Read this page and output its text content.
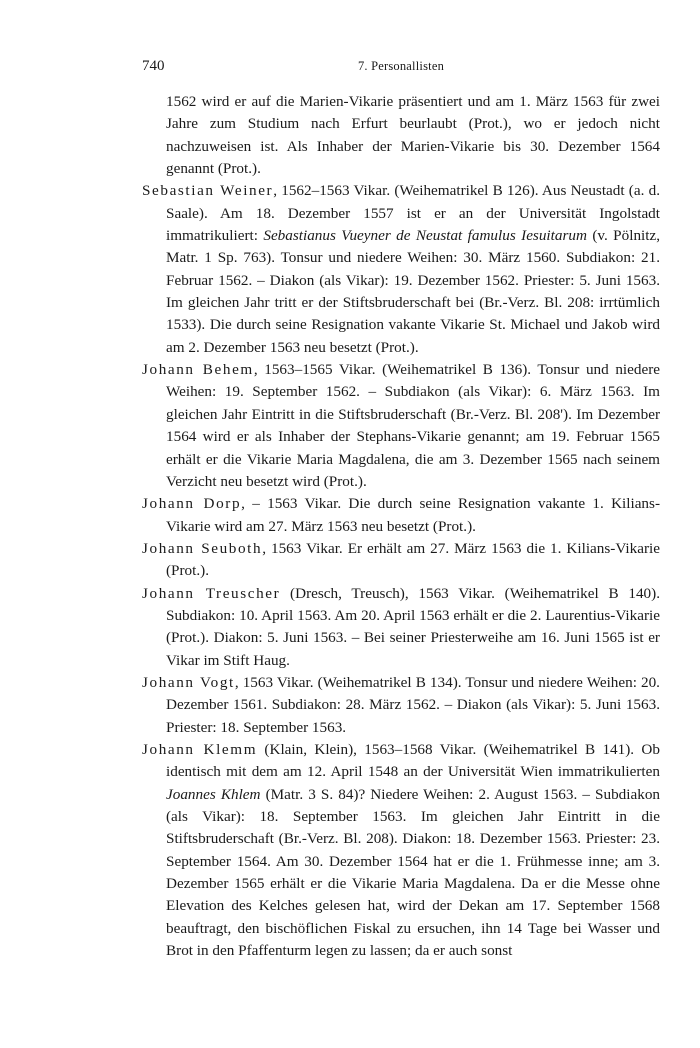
740	7. Personallisten

1562 wird er auf die Marien-Vikarie präsentiert und am 1. März 1563 für zwei Jahre zum Studium nach Erfurt beurlaubt (Prot.), wo er jedoch nicht nachzuweisen ist. Als Inhaber der Marien-Vikarie bis 30. Dezember 1564 genannt (Prot.).

Sebastian Weiner, 1562–1563 Vikar. (Weihematrikel B 126). Aus Neustadt (a. d. Saale). Am 18. Dezember 1557 ist er an der Universität Ingolstadt immatrikuliert: Sebastianus Vueyner de Neustat famulus Iesuitarum (v. Pölnitz, Matr. 1 Sp. 763). Tonsur und niedere Weihen: 30. März 1560. Subdiakon: 21. Februar 1562. – Diakon (als Vikar): 19. Dezember 1562. Priester: 5. Juni 1563. Im gleichen Jahr tritt er der Stiftsbruderschaft bei (Br.-Verz. Bl. 208: irrtümlich 1533). Die durch seine Resignation vakante Vikarie St. Michael und Jakob wird am 2. Dezember 1563 neu besetzt (Prot.).

Johann Behem, 1563–1565 Vikar. (Weihematrikel B 136). Tonsur und niedere Weihen: 19. September 1562. – Subdiakon (als Vikar): 6. März 1563. Im gleichen Jahr Eintritt in die Stiftsbruderschaft (Br.-Verz. Bl. 208'). Im Dezember 1564 wird er als Inhaber der Stephans-Vikarie genannt; am 19. Februar 1565 erhält er die Vikarie Maria Magdalena, die am 3. Dezember 1565 nach seinem Verzicht neu besetzt wird (Prot.).

Johann Dorp, – 1563 Vikar. Die durch seine Resignation vakante 1. Kilians-Vikarie wird am 27. März 1563 neu besetzt (Prot.).

Johann Seuboth, 1563 Vikar. Er erhält am 27. März 1563 die 1. Kilians-Vikarie (Prot.).

Johann Treuscher (Dresch, Treusch), 1563 Vikar. (Weihematrikel B 140). Subdiakon: 10. April 1563. Am 20. April 1563 erhält er die 2. Laurentius-Vikarie (Prot.). Diakon: 5. Juni 1563. – Bei seiner Priesterweihe am 16. Juni 1565 ist er Vikar im Stift Haug.

Johann Vogt, 1563 Vikar. (Weihematrikel B 134). Tonsur und niedere Weihen: 20. Dezember 1561. Subdiakon: 28. März 1562. – Diakon (als Vikar): 5. Juni 1563. Priester: 18. September 1563.

Johann Klemm (Klain, Klein), 1563–1568 Vikar. (Weihematrikel B 141). Ob identisch mit dem am 12. April 1548 an der Universität Wien immatrikulierten Joannes Khlem (Matr. 3 S. 84)? Niedere Weihen: 2. August 1563. – Subdiakon (als Vikar): 18. September 1563. Im gleichen Jahr Eintritt in die Stiftsbruderschaft (Br.-Verz. Bl. 208). Diakon: 18. Dezember 1563. Priester: 23. September 1564. Am 30. Dezember 1564 hat er die 1. Frühmesse inne; am 3. Dezember 1565 erhält er die Vikarie Maria Magdalena. Da er die Messe ohne Elevation des Kelches gelesen hat, wird der Dekan am 17. September 1568 beauftragt, den bischöflichen Fiskal zu ersuchen, ihn 14 Tage bei Wasser und Brot in den Pfaffenturm legen zu lassen; da er auch sonst
